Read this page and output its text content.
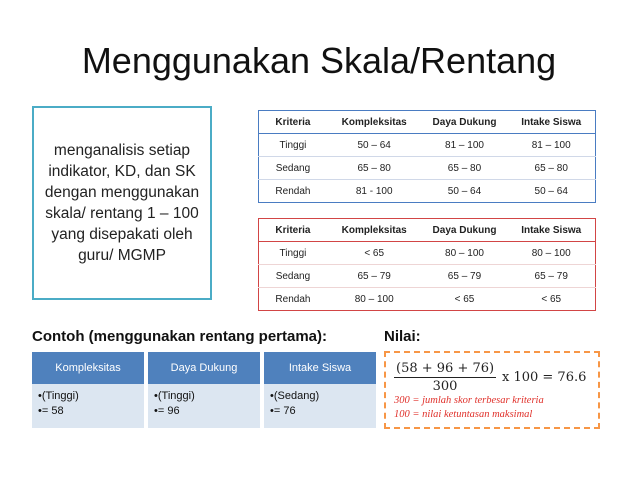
Menggunakan Skala/Rentang
menganalisis setiap indikator, KD, dan SK dengan menggunakan skala/ rentang 1 – 100 yang disepakati oleh guru/ MGMP
Kriteria	Kompleksitas	Daya Dukung	Intake Siswa
Tinggi	50 – 64	81 – 100	81 – 100
Sedang	65 – 80	65 – 80	65 – 80
Rendah	81 - 100	50 – 64	50 – 64
Kriteria	Kompleksitas	Daya Dukung	Intake Siswa
Tinggi	< 65	80 – 100	80 – 100
Sedang	65 – 79	65 – 79	65 – 79
Rendah	80 – 100	< 65	< 65
Contoh (menggunakan rentang pertama):	Nilai:
Kompleksitas
•(Tinggi)
•= 58
Daya Dukung
•(Tinggi)
•= 96
Intake Siswa
•(Sedang)
•= 76
$\frac{(58 + 96 + 76)}{300}$ x 100 = 76.6
300 = jumlah skor terbesar kriteria
100 = nilai ketuntasan maksimal
